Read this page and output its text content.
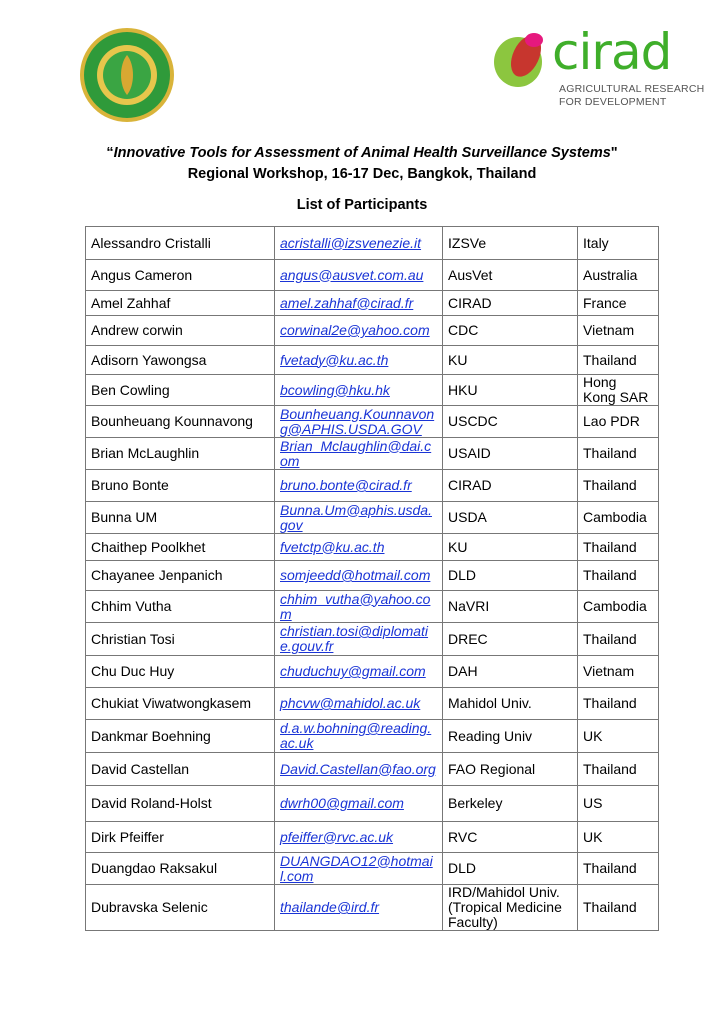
cirad
AGRICULTURAL RESEARCH
FOR DEVELOPMENT
“Innovative Tools for Assessment of Animal Health Surveillance Systems"
Regional Workshop, 16-17 Dec, Bangkok, Thailand
List of Participants
Alessandro Cristalli	acristalli@izsvenezie.it	IZSVe	Italy
Angus Cameron	angus@ausvet.com.au	AusVet	Australia
Amel Zahhaf	amel.zahhaf@cirad.fr	CIRAD	France
Andrew corwin	corwinal2e@yahoo.com	CDC	Vietnam
Adisorn Yawongsa	fvetady@ku.ac.th	KU	Thailand
Ben Cowling	bcowling@hku.hk	HKU	Hong Kong SAR
Bounheuang Kounnavong	Bounheuang.Kounnavong@APHIS.USDA.GOV	USCDC	Lao PDR
Brian McLaughlin	Brian_Mclaughlin@dai.com	USAID	Thailand
Bruno Bonte	bruno.bonte@cirad.fr	CIRAD	Thailand
Bunna UM	Bunna.Um@aphis.usda.gov	USDA	Cambodia
Chaithep Poolkhet	fvetctp@ku.ac.th	KU	Thailand
Chayanee Jenpanich	somjeedd@hotmail.com	DLD	Thailand
Chhim Vutha	chhim_vutha@yahoo.com	NaVRI	Cambodia
Christian Tosi	christian.tosi@diplomatie.gouv.fr	DREC	Thailand
Chu Duc Huy	chuduchuy@gmail.com	DAH	Vietnam
Chukiat Viwatwongkasem	phcvw@mahidol.ac.uk	Mahidol Univ.	Thailand
Dankmar Boehning	d.a.w.bohning@reading.ac.uk	Reading Univ	UK
David Castellan	David.Castellan@fao.org	FAO Regional	Thailand
David Roland-Holst	dwrh00@gmail.com	Berkeley	US
Dirk Pfeiffer	pfeiffer@rvc.ac.uk	RVC	UK
Duangdao Raksakul	DUANGDAO12@hotmail.com	DLD	Thailand
Dubravska Selenic	thailande@ird.fr	IRD/Mahidol Univ. (Tropical Medicine Faculty)	Thailand
